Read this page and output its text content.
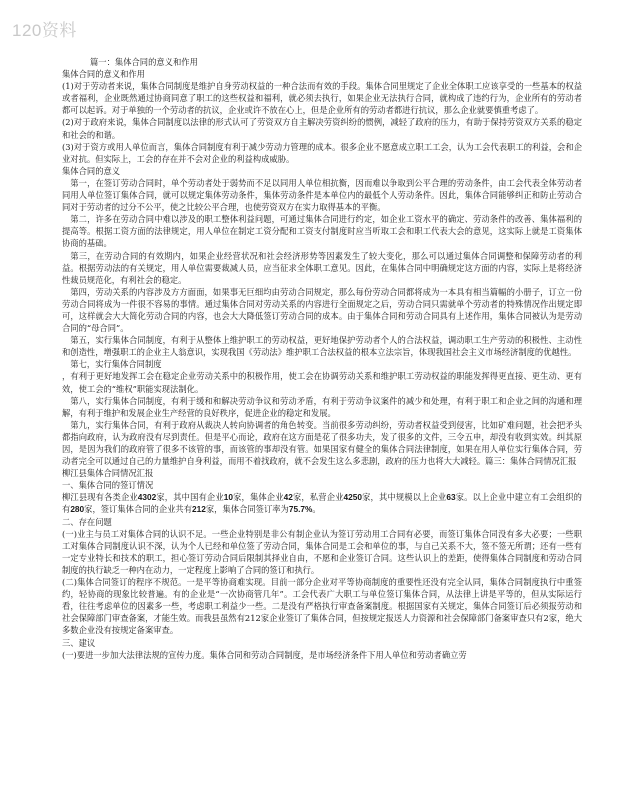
120资料

篇一：集体合同的意义和作用

集体合同的意义和作用

(1)对于劳动者来说，集体合同制度是维护自身劳动权益的一种合法而有效的手段。集体合同里规定了企业全体职工应该享受的一些基本的权益或者福利，企业既然通过协商同意了职工的这些权益和福利，就必须去执行，如果企业无法执行合同，就构成了违约行为，企业所有的劳动者都可以起诉。对于单独的一个劳动者的抗议，企业或许不放在心上，但是企业所有的劳动者都进行抗议，那么企业就要慎重考虑了。

(2)对于政府来说，集体合同制度以法律的形式认可了劳资双方自主解决劳资纠纷的惯例，减轻了政府的压力，有助于保持劳资双方关系的稳定和社会的和谐。

(3)对于资方或用人单位而言，集体合同制度有利于减少劳动力管理的成本。很多企业不愿意成立职工工会，认为工会代表职工的利益，会和企业对抗。但实际上，工会的存在并不会对企业的利益构成威胁。

集体合同的意义

第一，在签订劳动合同时，单个劳动者处于弱势而不足以同用人单位相抗衡，因而难以争取到公平合理的劳动条件，由工会代表全体劳动者同用人单位签订集体合同，就可以规定集体劳动条件，集体劳动条件是本单位内的最低个人劳动条件。因此，集体合同能够纠正和防止劳动合同对于劳动者的过分不公平，使之比较公平合理，也使劳资双方在实力取得基本的平衡。

第二，许多在劳动合同中难以涉及的职工整体利益问题，可通过集体合同进行约定，如企业工资水平的确定、劳动条件的改善、集体福利的提高等。根据工资方面的法律规定，用人单位在制定工资分配和工资支付制度时应当听取工会和职工代表大会的意见，这实际上就是工资集体协商的基础。

第三，在劳动合同的有效期内，如果企业经营状况和社会经济形势等因素发生了较大变化，那么可以通过集体合同调整和保障劳动者的利益。根据劳动法的有关规定，用人单位需要裁减人员，应当征求全体职工意见。因此，在集体合同中明确规定这方面的内容，实际上是将经济性裁员规范化，有利社会的稳定。

第四，劳动关系的内容涉及方方面面，如果事无巨细均由劳动合同规定，那么每份劳动合同都将成为一本具有相当篇幅的小册子，订立一份劳动合同将成为一件很不容易的事情。通过集体合同对劳动关系的内容进行全面规定之后，劳动合同只需就单个劳动者的特殊情况作出规定即可，这样就会大大简化劳动合同的内容，也会大大降低签订劳动合同的成本。由于集体合同和劳动合同具有上述作用，集体合同被认为是劳动合同的“母合同”。

第五，实行集体合同制度，有利于从整体上维护职工的劳动权益，更好地保护劳动者个人的合法权益，调动职工生产劳动的积极性、主动性和创造性，增强职工的企业主人翁意识，实现我国《劳动法》维护职工合法权益的根本立法宗旨，体现我国社会主义市场经济制度的优越性。

第七，实行集体合同制度

，有利于更好地发挥工会在稳定企业劳动关系中的积极作用，使工会在协调劳动关系和维护职工劳动权益的职能发挥得更直接、更生动、更有效，使工会的“维权”职能实现法制化。

第八，实行集体合同制度，有利于缓和和解决劳动争议和劳动矛盾，有利于劳动争议案件的减少和处理，有利于职工和企业之间的沟通和理解，有利于维护和发展企业生产经营的良好秩序，促进企业的稳定和发展。

第九，实行集体合同，有利于政府从裁决人转向协调者的角色转变。当前很多劳动纠纷，劳动者权益受到侵害，比如矿难问题，社会把矛头都指向政府，认为政府没有尽到责任。但是平心而论，政府在这方面是花了很多功夫，发了很多的文件，三令五申，却没有收到实效。纠其原因，是因为我们的政府管了很多不该管的事，而该管的事却没有管。如果国家有健全的集体合同法律制度，如果在用人单位实行集体合同，劳动者完全可以通过自己的力量维护自身利益，而用不着找政府，就不会发生这么多悲剧，政府的压力也将大大减轻。篇三：集体合同情况汇报

柳江县集体合同情况汇报

一、集体合同的签订情况

柳江县现有各类企业4302家，其中国有企业10家，集体企业42家，私营企业4250家，其中规模以上企业63家。以上企业中建立有工会组织的有280家，签订集体合同的企业共有212家，集体合同签订率为75.7%。

二、存在问题

(一)业主与员工对集体合同的认识不足。一些企业特别是非公有制企业认为签订劳动用工合同有必要，而签订集体合同没有多大必要；一些职工对集体合同制度认识不深，认为个人已经和单位签了劳动合同，集体合同是工会和单位的事，与自己关系不大，签不签无所谓；还有一些有一定专业特长和技术的职工，担心签订劳动合同后限制其择业自由，不愿和企业签订合同。这些认识上的差距，使得集体合同制度和劳动合同制度的执行缺乏一种内在动力，一定程度上影响了合同的签订和执行。

(二)集体合同签订的程序不规范。一是平等协商难实现。目前一部分企业对平等协商制度的重要性还没有完全认同，集体合同制度执行中重签约，轻协商的现象比较普遍。有的企业是“一次协商管几年”。工会代表广大职工与单位签订集体合同，从法律上讲是平等的，但从实际运行看，往往考虑单位的因素多一些，考虑职工利益少一些。二是没有严格执行审查备案制度。根据国家有关规定，集体合同签订后必须报劳动和社会保障部门审查备案，才能生效。而我县虽然有212家企业签订了集体合同，但按规定报送人力资源和社会保障部门备案审查只有2家，绝大多数企业没有按规定备案审查。

三、建议

(一)要进一步加大法律法规的宣传力度。集体合同和劳动合同制度，是市场经济条件下用人单位和劳动者确立劳
